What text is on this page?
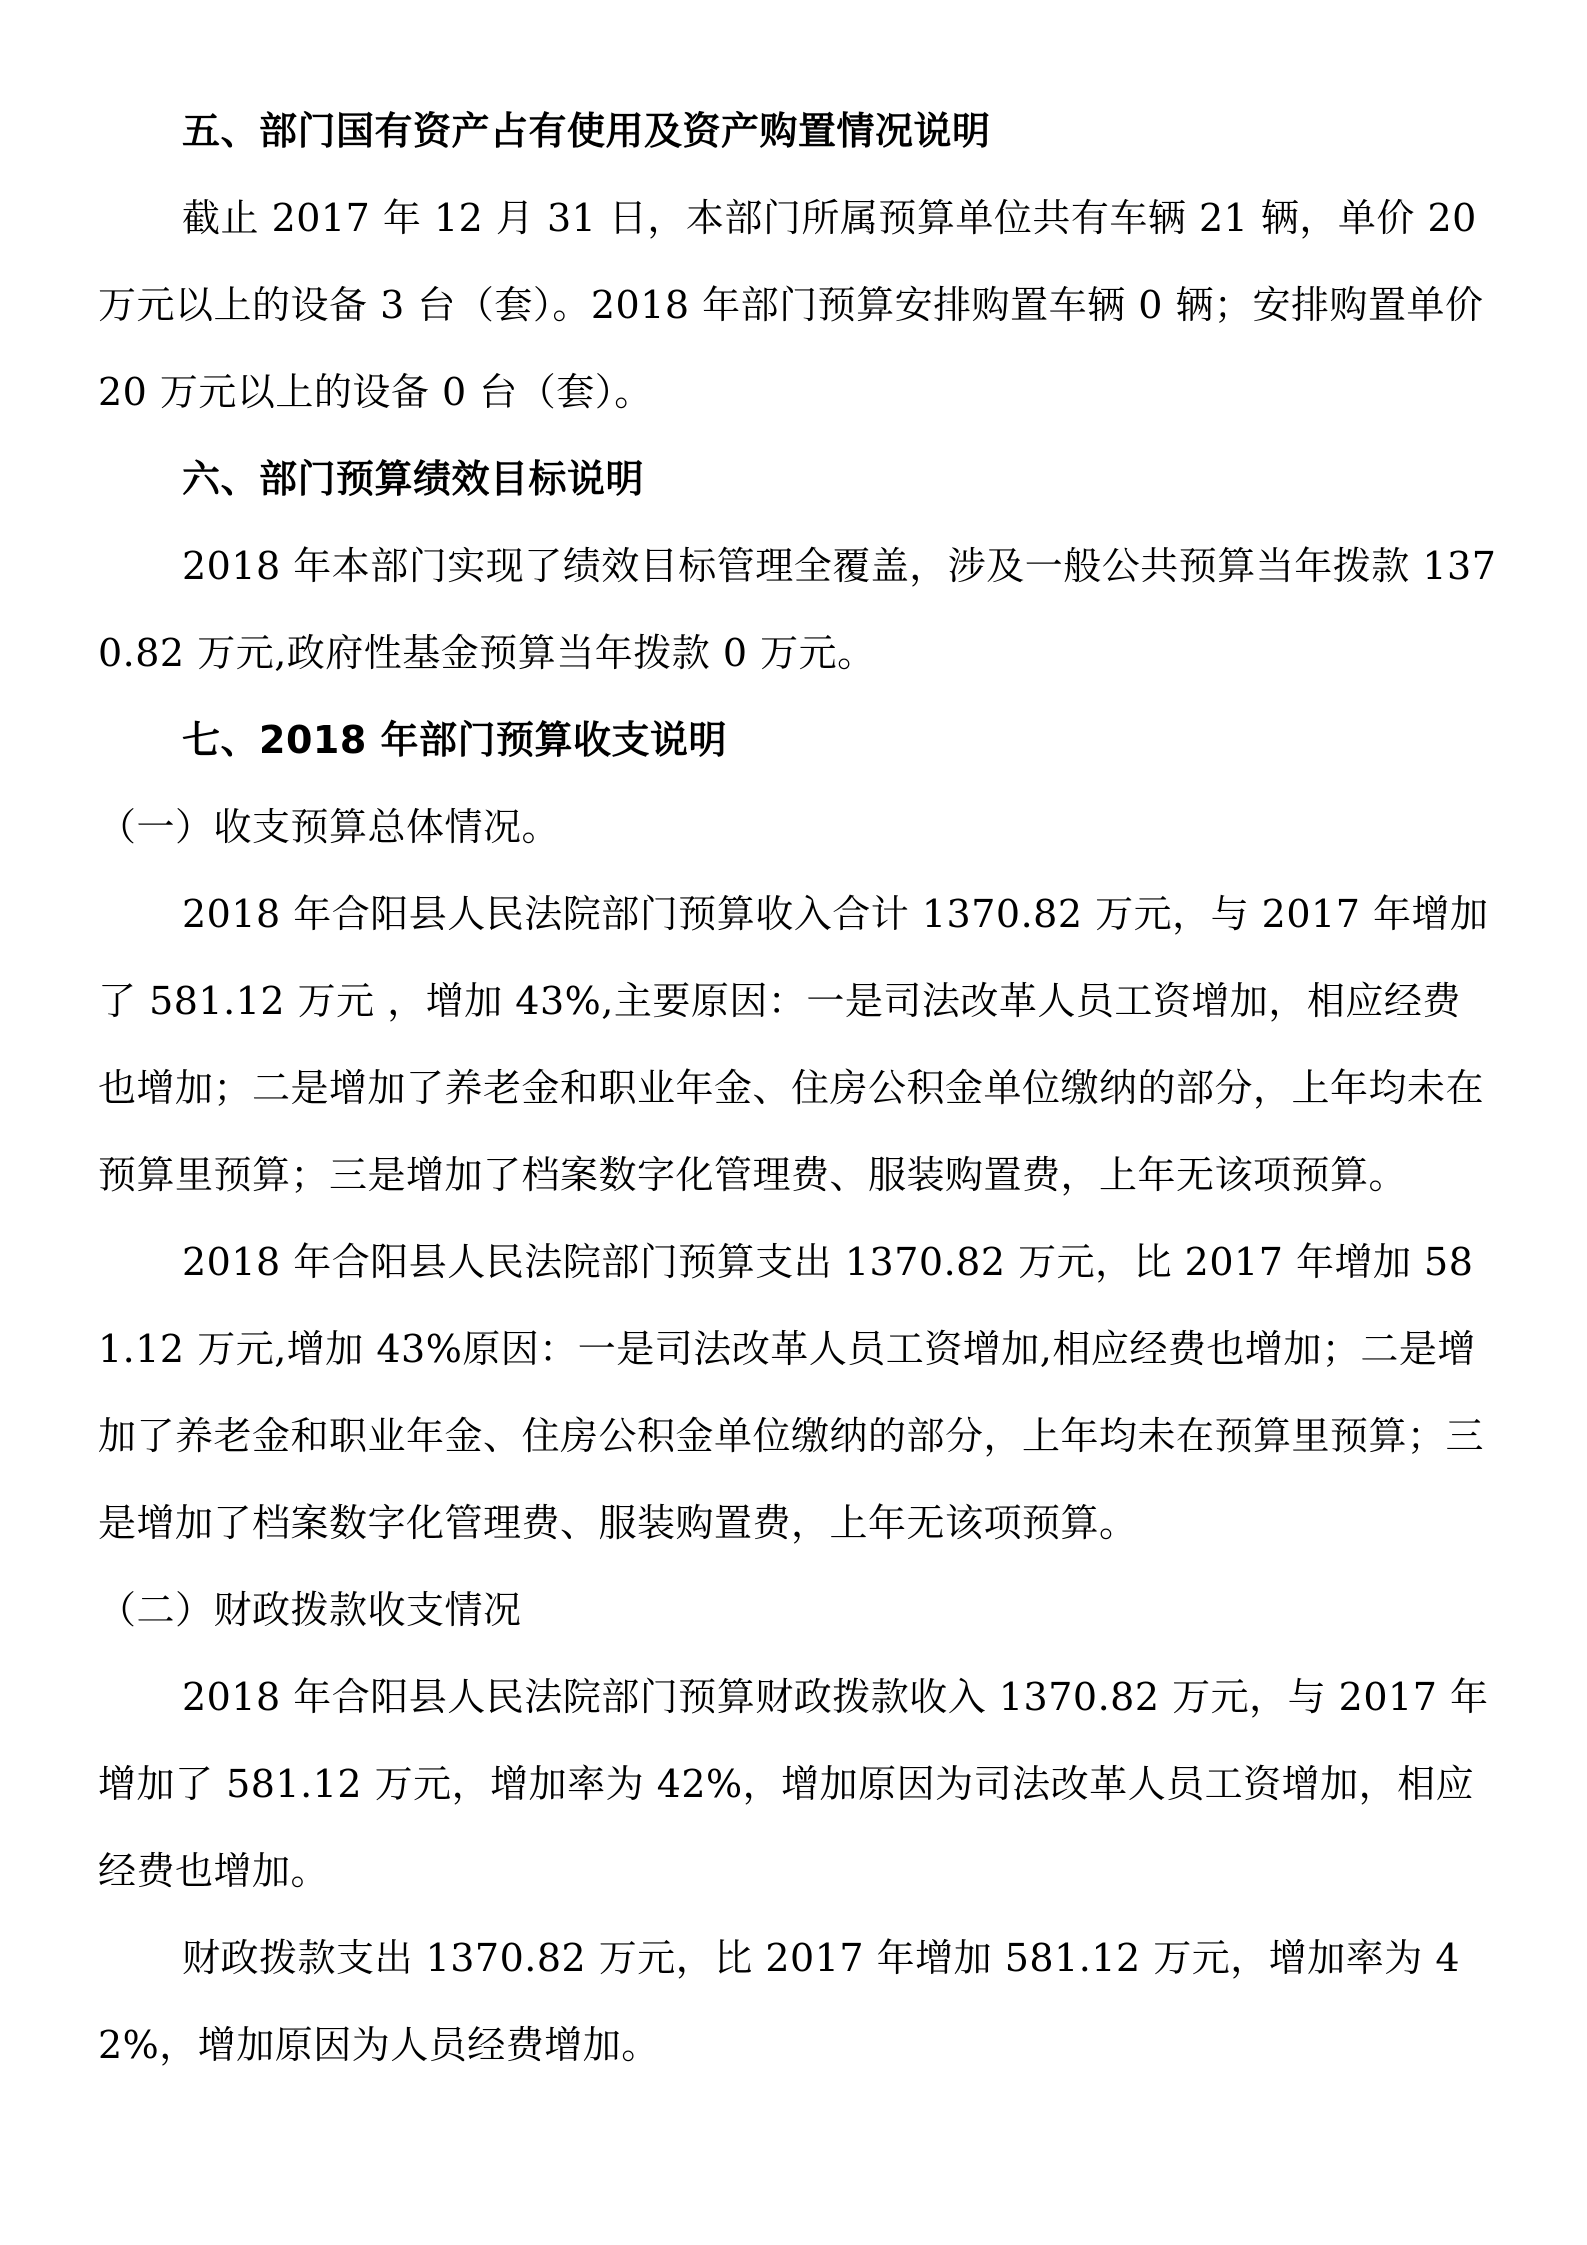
五、部门国有资产占有使用及资产购置情况说明

截止 2017 年 12 月 31 日，本部门所属预算单位共有车辆 21 辆，单价 20 万元以上的设备 3 台（套）。2018 年部门预算安排购置车辆 0 辆；安排购置单价 20 万元以上的设备 0 台（套）。

六、部门预算绩效目标说明

2018 年本部门实现了绩效目标管理全覆盖，涉及一般公共预算当年拨款 1370.82 万元,政府性基金预算当年拨款 0 万元。

七、2018 年部门预算收支说明

（一）收支预算总体情况。

2018 年合阳县人民法院部门预算收入合计 1370.82 万元，与 2017 年增加了 581.12 万元 ，增加 43%,主要原因：一是司法改革人员工资增加，相应经费也增加；二是增加了养老金和职业年金、住房公积金单位缴纳的部分，上年均未在预算里预算；三是增加了档案数字化管理费、服装购置费，上年无该项预算。

2018 年合阳县人民法院部门预算支出 1370.82 万元，比 2017 年增加 581.12 万元,增加 43%原因：一是司法改革人员工资增加,相应经费也增加；二是增加了养老金和职业年金、住房公积金单位缴纳的部分，上年均未在预算里预算；三是增加了档案数字化管理费、服装购置费，上年无该项预算。

（二）财政拨款收支情况

2018 年合阳县人民法院部门预算财政拨款收入 1370.82 万元，与 2017 年增加了 581.12 万元，增加率为 42%，增加原因为司法改革人员工资增加，相应经费也增加。

财政拨款支出 1370.82 万元，比 2017 年增加 581.12 万元，增加率为 42%，增加原因为人员经费增加。
